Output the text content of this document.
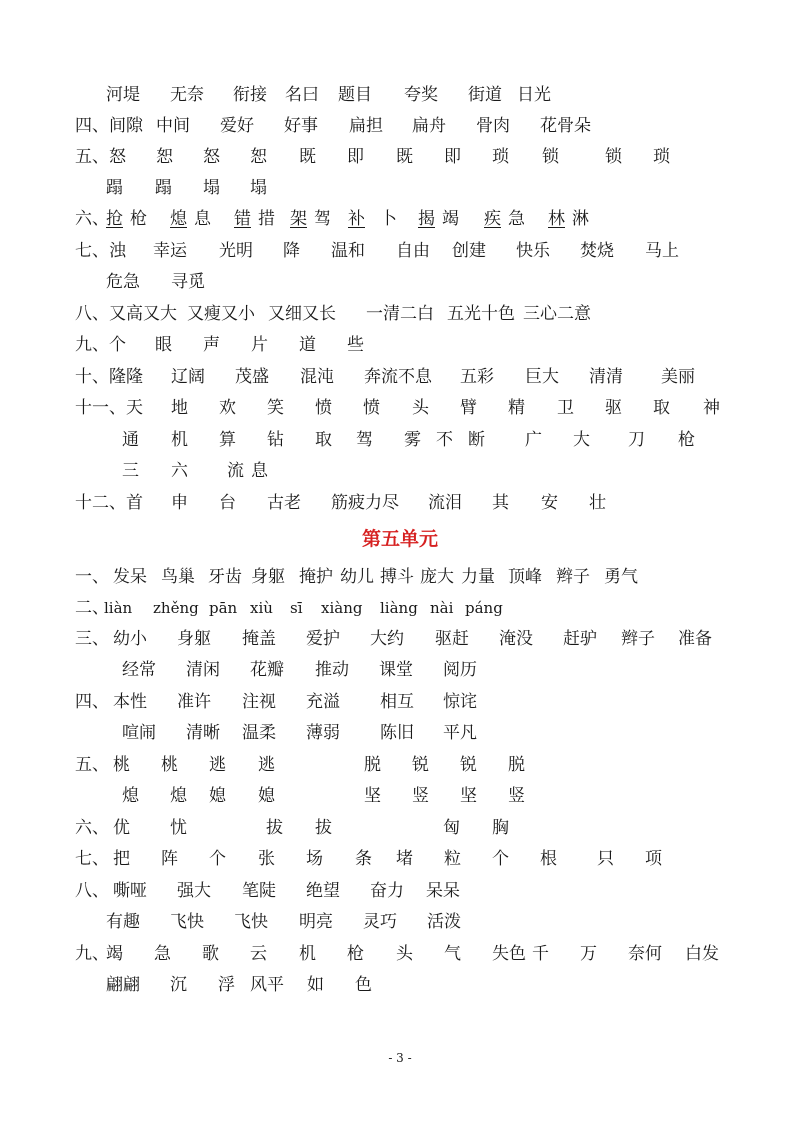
河堤 无奈 衔接 名曰 题目 夸奖 街道 日光
四、间隙 中间 爱好 好事 扁担 扁舟 骨肉 花骨朵
五、怒 恕 怒 恕 既 即 既 即 琐 锁	锁 琐
蹋 蹋 塌 塌
六、
抢 枪 熄 息 错 措 架 驾 补 卜 揭 竭 疾 急 林 淋
七、浊 幸运 光明 降 温和 自由 创建 快乐 焚烧 马上
危急 寻觅
八、又高又大 又瘦又小 又细又长 一清二白 五光十色 三心二意
九、个 眼 声 片 道 些
十、隆隆 辽阔 茂盛 混沌 奔流不息 五彩 巨大 清清 美丽
十一、天 地 欢 笑 愤 愤 头 臂 精 卫 驱 取 神
通 机 算 钻 取 驾 雾 不 断 广 大 刀 枪
三 六 流 息
十二、首 申 台 古老 筋疲力尽 流泪 其 安 壮
第五单元
一、 发呆 鸟巢 牙齿 身躯 掩护 幼儿 搏斗 庞大 力量 顶峰 辫子 勇气
二、
liàn zhěng pān xiù sī xiàng liàng nài páng
三、 幼小 身躯 掩盖 爱护 大约 驱赶 淹没 赶驴 辫子 准备
经常 清闲 花瓣 推动 课堂 阅历
四、 本性 准许 注视 充溢 相互 惊诧
喧闹 清晰 温柔 薄弱 陈旧 平凡
五、 桃 桃 逃 逃	脱 锐 锐 脱
熄 熄 媳 媳	坚 竖 坚 竖
六、 优 忧	拔 拔	匈 胸
七、 把 阵 个 张 场 条 堵 粒 个 根 只 项
八、 嘶哑 强大 笔陡 绝望 奋力 呆呆
有趣 飞快 飞快 明亮 灵巧 活泼
九、
竭 急 歌 云 机 枪 头 气 失色 千 万 奈何 白发
翩翩 沉 浮 风平 如 色
- 3 -
